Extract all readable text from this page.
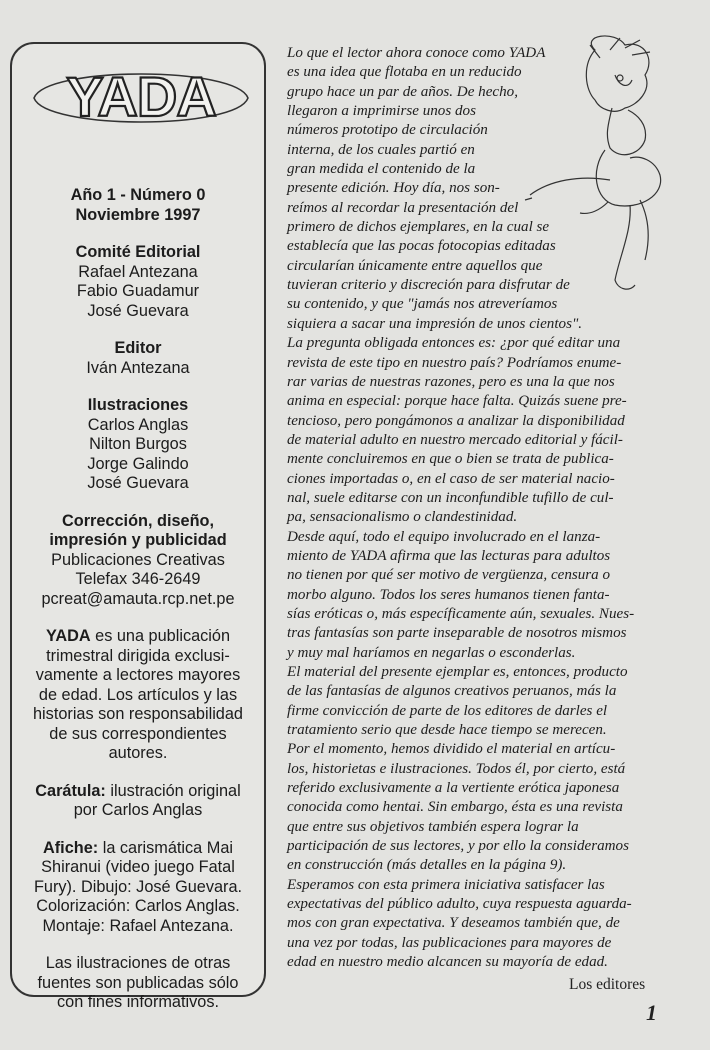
YADA

Año 1 - Número 0

Noviembre 1997

Comité Editorial

Rafael Antezana

Fabio Guadamur

José Guevara

Editor

Iván Antezana

Ilustraciones

Carlos Anglas

Nilton Burgos

Jorge Galindo

José Guevara

Corrección, diseño,

impresión y publicidad

Publicaciones Creativas

Telefax 346-2649

pcreat@amauta.rcp.net.pe

YADA es una publicación

trimestral dirigida exclusi-

vamente a lectores mayores

de edad. Los artículos y las

historias son responsabilidad

de sus correspondientes

autores.

Carátula: ilustración original

por Carlos Anglas

Afiche: la carismática Mai

Shiranui (video juego Fatal

Fury). Dibujo: José Guevara.

Colorización: Carlos Anglas.

Montaje: Rafael Antezana.

Las ilustraciones de otras

fuentes son publicadas sólo

con fines informativos.

Lo que el lector ahora conoce como YADA
es una idea que flotaba en un reducido
grupo hace un par de años. De hecho,
llegaron a imprimirse unos dos
números prototipo de circulación
interna, de los cuales partió en
gran medida el contenido de la
presente edición. Hoy día, nos son-
reímos al recordar la presentación del
primero de dichos ejemplares, en la cual se
establecía que las pocas fotocopias editadas
circularían únicamente entre aquellos que
tuvieran criterio y discreción para disfrutar de
su contenido, y que "jamás nos atreveríamos
siquiera a sacar una impresión de unos cientos".

La pregunta obligada entonces es: ¿por qué editar una
revista de este tipo en nuestro país? Podríamos enume-
rar varias de nuestras razones, pero es una la que nos
anima en especial: porque hace falta. Quizás suene pre-
tencioso, pero pongámonos a analizar la disponibilidad
de material adulto en nuestro mercado editorial y fácil-
mente concluiremos en que o bien se trata de publica-
ciones importadas o, en el caso de ser material nacio-
nal, suele editarse con un inconfundible tufillo de cul-
pa, sensacionalismo o clandestinidad.

Desde aquí, todo el equipo involucrado en el lanza-
miento de YADA afirma que las lecturas para adultos
no tienen por qué ser motivo de vergüenza, censura o
morbo alguno. Todos los seres humanos tienen fanta-
sías eróticas o, más específicamente aún, sexuales. Nues-
tras fantasías son parte inseparable de nosotros mismos
y muy mal haríamos en negarlas o esconderlas.

El material del presente ejemplar es, entonces, producto
de las fantasías de algunos creativos peruanos, más la
firme convicción de parte de los editores de darles el
tratamiento serio que desde hace tiempo se merecen.

Por el momento, hemos dividido el material en artícu-
los, historietas e ilustraciones. Todos él, por cierto, está
referido exclusivamente a la vertiente erótica japonesa
conocida como hentai. Sin embargo, ésta es una revista
que entre sus objetivos también espera lograr la
participación de sus lectores, y por ello la consideramos
en construcción (más detalles en la página 9).

Esperamos con esta primera iniciativa satisfacer las
expectativas del público adulto, cuya respuesta aguarda-
mos con gran expectativa. Y deseamos también que, de
una vez por todas, las publicaciones para mayores de
edad en nuestro medio alcancen su mayoría de edad.

Los editores
1
